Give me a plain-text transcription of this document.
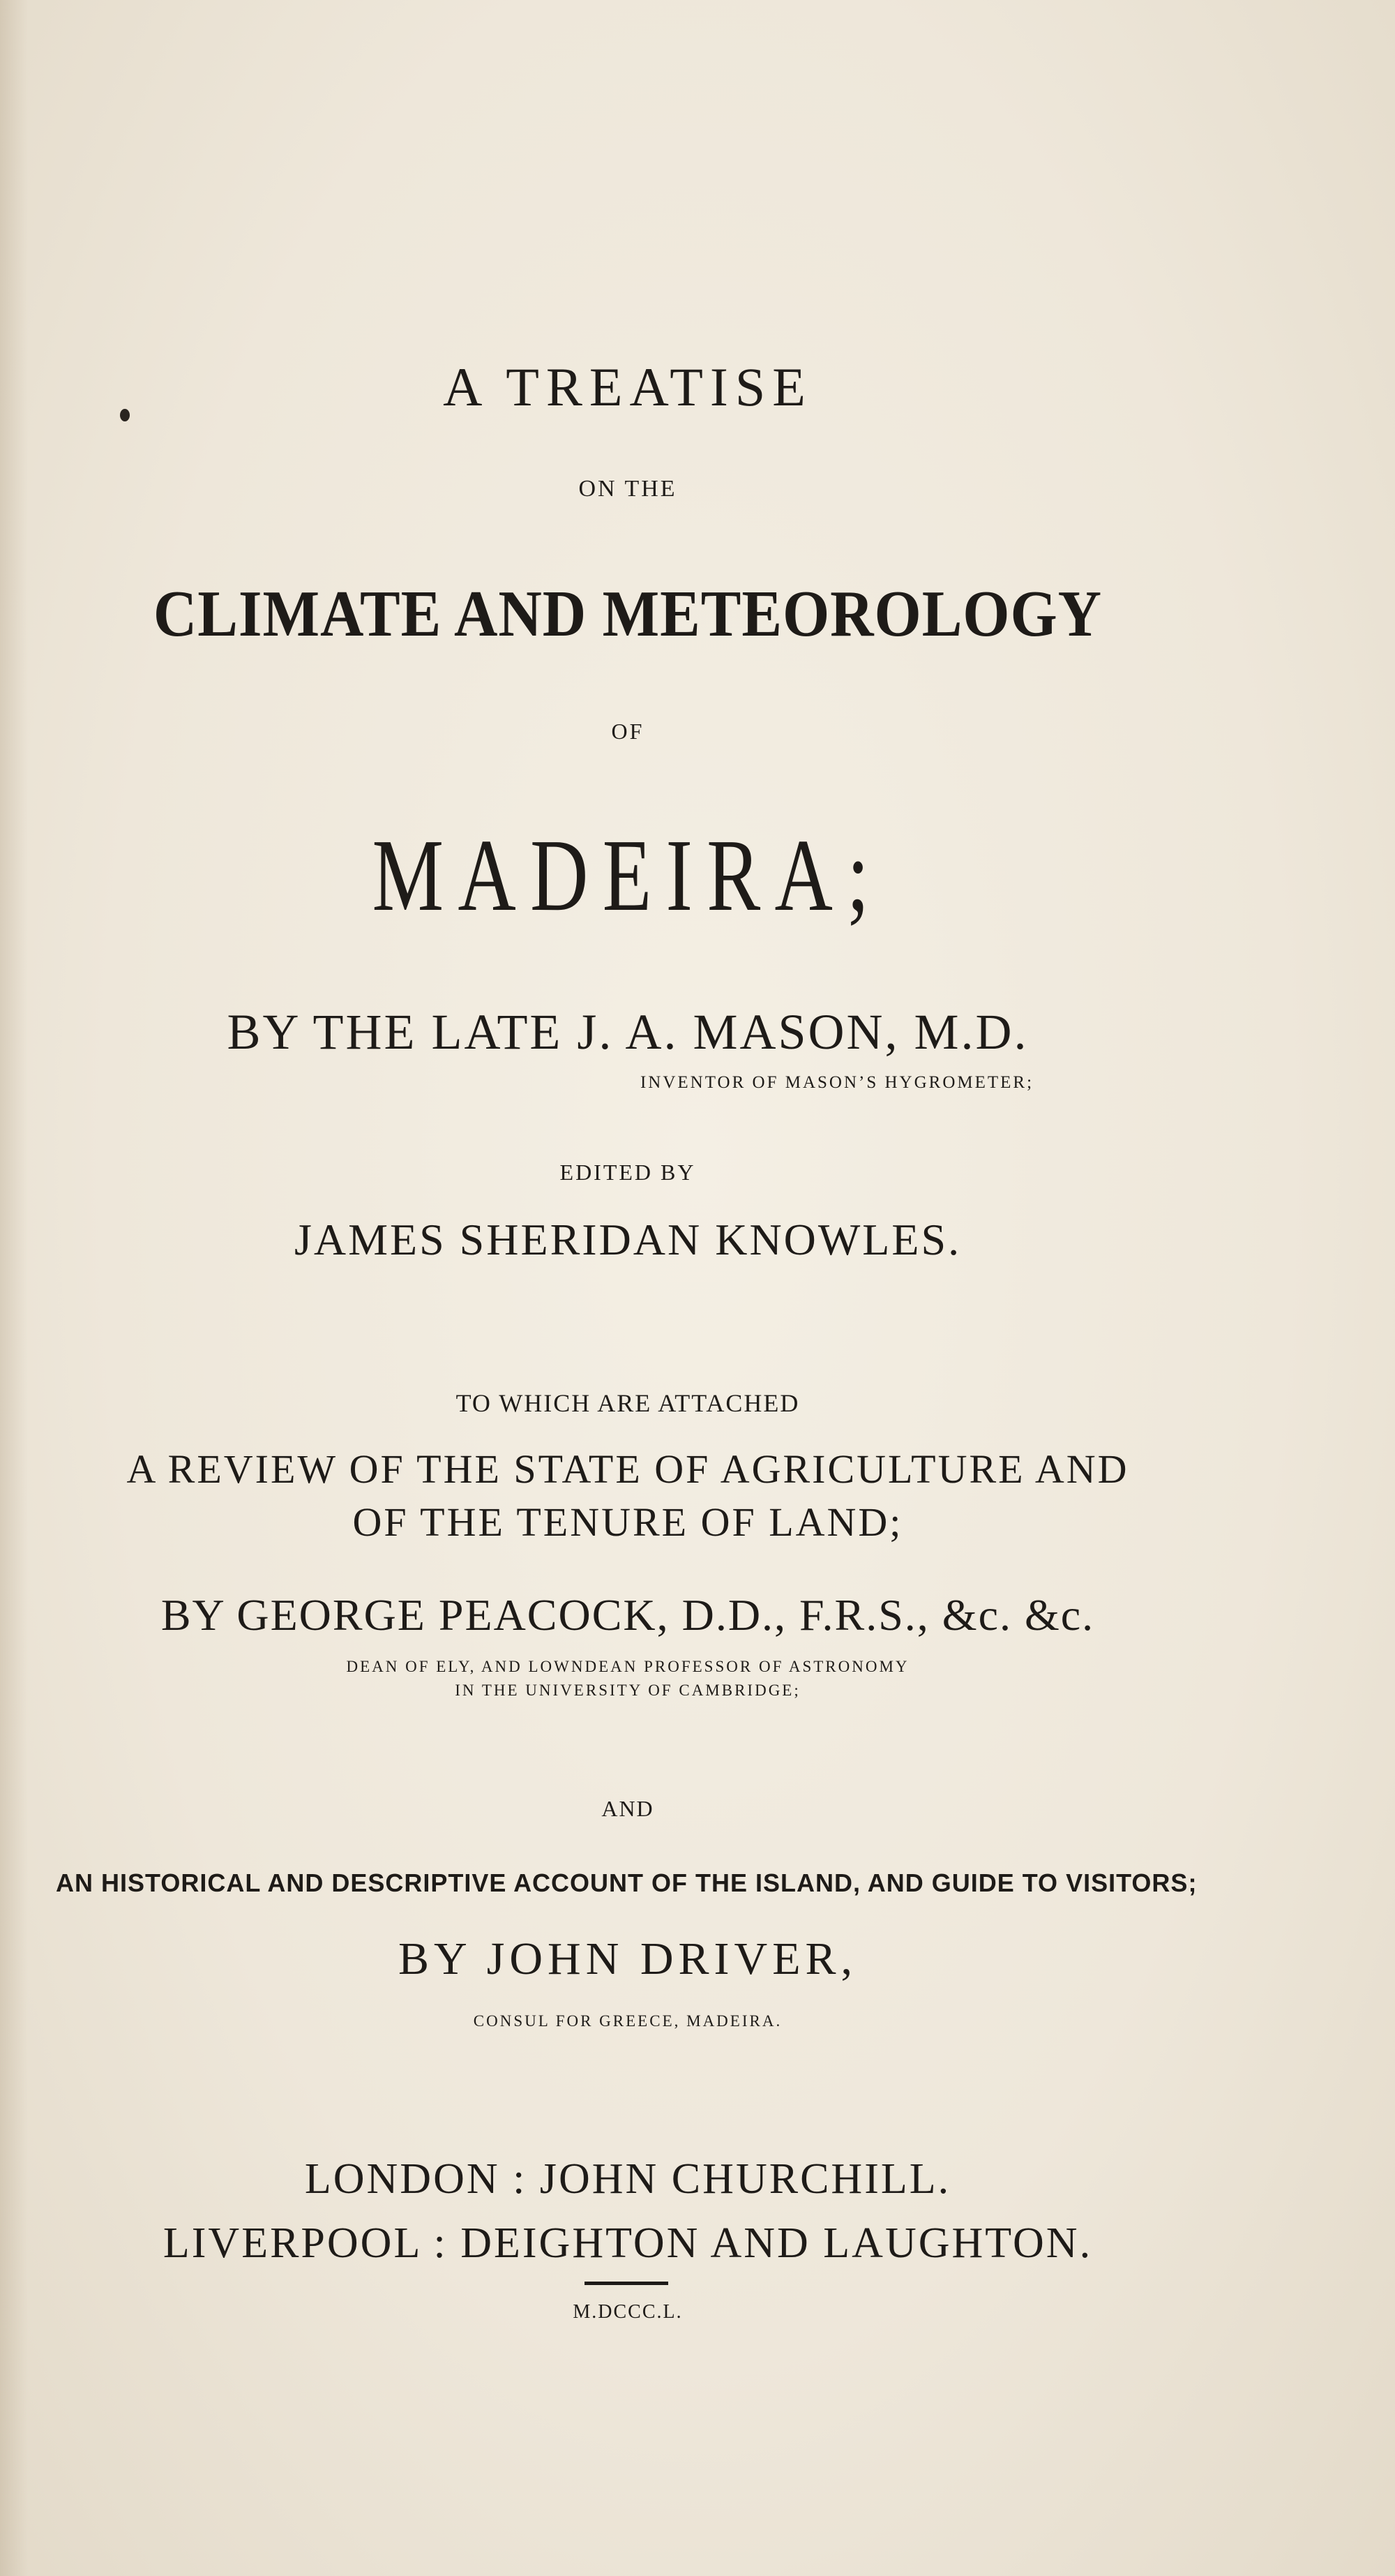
A TREATISE
ON THE
CLIMATE AND METEOROLOGY
OF
MADEIRA;
BY THE LATE J. A. MASON, M.D.
INVENTOR OF MASON’S HYGROMETER;
EDITED BY
JAMES SHERIDAN KNOWLES.
TO WHICH ARE ATTACHED
A REVIEW OF THE STATE OF AGRICULTURE AND
OF THE TENURE OF LAND;
BY GEORGE PEACOCK, D.D., F.R.S., &c. &c.
DEAN OF ELY, AND LOWNDEAN PROFESSOR OF ASTRONOMY
IN THE UNIVERSITY OF CAMBRIDGE;
AND
AN HISTORICAL AND DESCRIPTIVE ACCOUNT OF THE ISLAND, AND GUIDE TO VISITORS;
BY JOHN DRIVER,
CONSUL FOR GREECE, MADEIRA.
LONDON : JOHN CHURCHILL.
LIVERPOOL : DEIGHTON AND LAUGHTON.
M.DCCC.L.
